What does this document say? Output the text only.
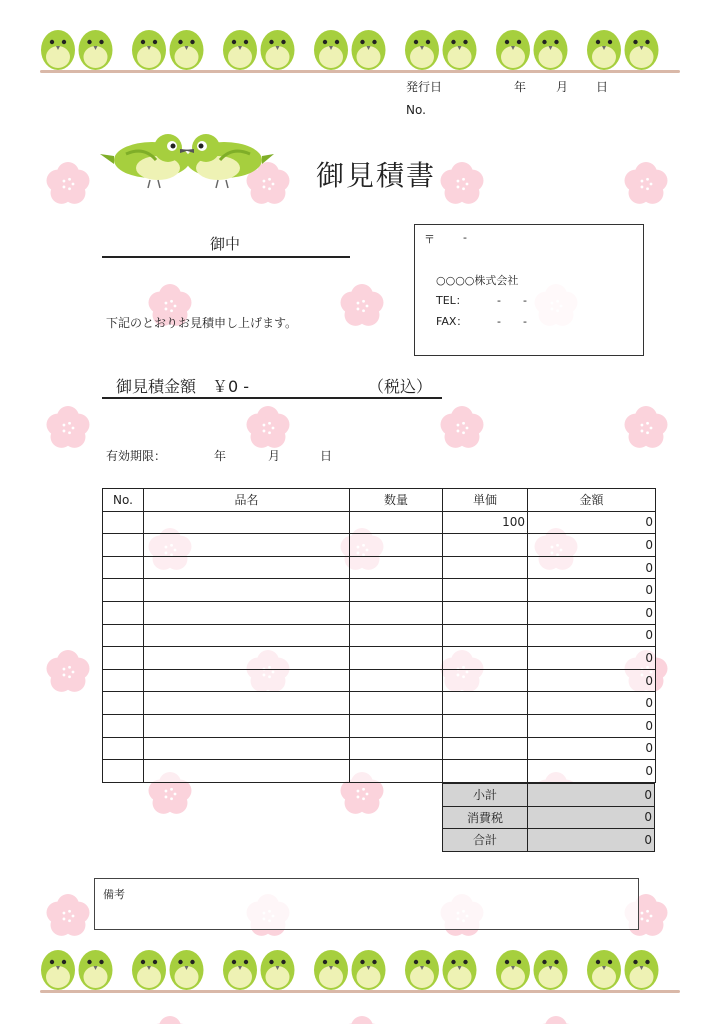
発行日	年 月 日
No.
御見積書
御中
下記のとおりお見積申し上げます。
〒	-
○○○○株式会社
TEL：	-　　-
FAX：	-　　-
御見積金額 ￥0 -	（税込）
有効期限：	年	月	日
No.	品名	数量	単価	金額
			100	0
				0
				0
				0
				0
				0
				0
				0
				0
				0
				0
				0
小計	0
消費税	0
合計	0
備考
